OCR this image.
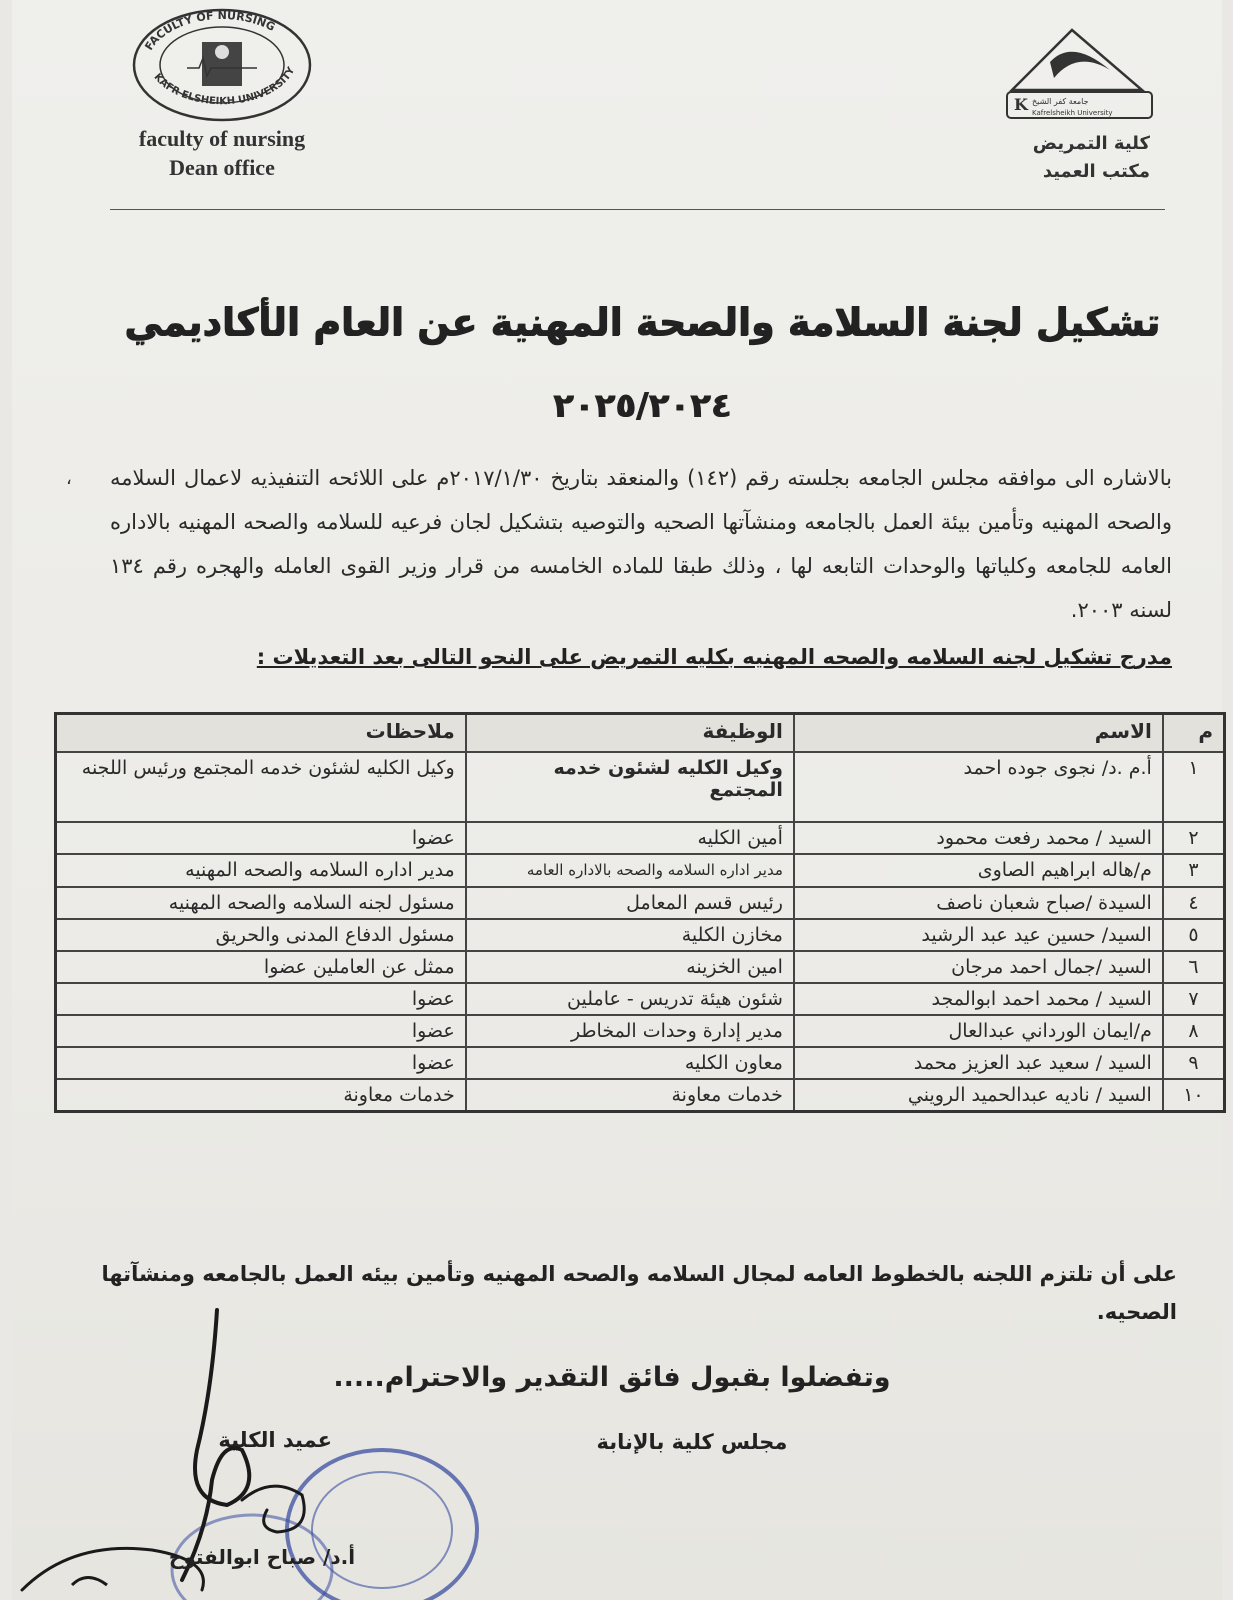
FACULTY OF NURSING
KAFR ELSHEIKH UNIVERSITY
faculty of nursing
Dean office
K جامعة كفر الشيخ
Kafrelsheikh University
كلية التمريض
مكتب العميد
،
تشكيل لجنة السلامة والصحة المهنية عن العام الأكاديمي
٢٠٢٥/٢٠٢٤
بالاشاره الى موافقه مجلس الجامعه بجلسته رقم (١٤٢) والمنعقد بتاريخ ٢٠١٧/١/٣٠م على اللائحه التنفيذيه لاعمال السلامه والصحه المهنيه وتأمين بيئة العمل بالجامعه ومنشآتها الصحيه والتوصيه بتشكيل لجان فرعيه للسلامه والصحه المهنيه بالاداره العامه للجامعه وكلياتها والوحدات التابعه لها ، وذلك طبقا للماده الخامسه من قرار وزير القوى العامله والهجره رقم ١٣٤ لسنه ٢٠٠٣.
مدرج تشكيل لجنه السلامه والصحه المهنيه بكليه التمريض على النحو التالى بعد التعديلات :
م	الاسم	الوظيفة	ملاحظات
١	أ.م .د/ نجوى جوده احمد	وكيل الكليه لشئون خدمه المجتمع	وكيل الكليه لشئون خدمه المجتمع ورئيس اللجنه
٢	السيد / محمد رفعت محمود	أمين الكليه	عضوا
٣	م/هاله ابراهيم الصاوى	مدير اداره السلامه والصحه بالاداره العامه	مدير اداره السلامه والصحه المهنيه
٤	السيدة /صباح شعبان ناصف	رئيس قسم المعامل	مسئول لجنه السلامه والصحه المهنيه
٥	السيد/ حسين عيد عبد الرشيد	مخازن الكلية	مسئول الدفاع المدنى والحريق
٦	السيد /جمال احمد مرجان	امين الخزينه	ممثل عن العاملين عضوا
٧	السيد / محمد احمد ابوالمجد	شئون هيئة تدريس - عاملين	عضوا
٨	م/ايمان الورداني عبدالعال	مدير إدارة وحدات المخاطر	عضوا
٩	السيد / سعيد عبد العزيز محمد	معاون الكليه	عضوا
١٠	السيد / ناديه عبدالحميد الرويني	خدمات معاونة	خدمات معاونة
على أن تلتزم اللجنه بالخطوط العامه لمجال السلامه والصحه المهنيه وتأمين بيئه العمل بالجامعه ومنشآتها الصحيه.
وتفضلوا بقبول فائق التقدير والاحترام.....
مجلس كلية بالإنابة
عميد الكلية
أ.د/ صباح ابوالفتوح
